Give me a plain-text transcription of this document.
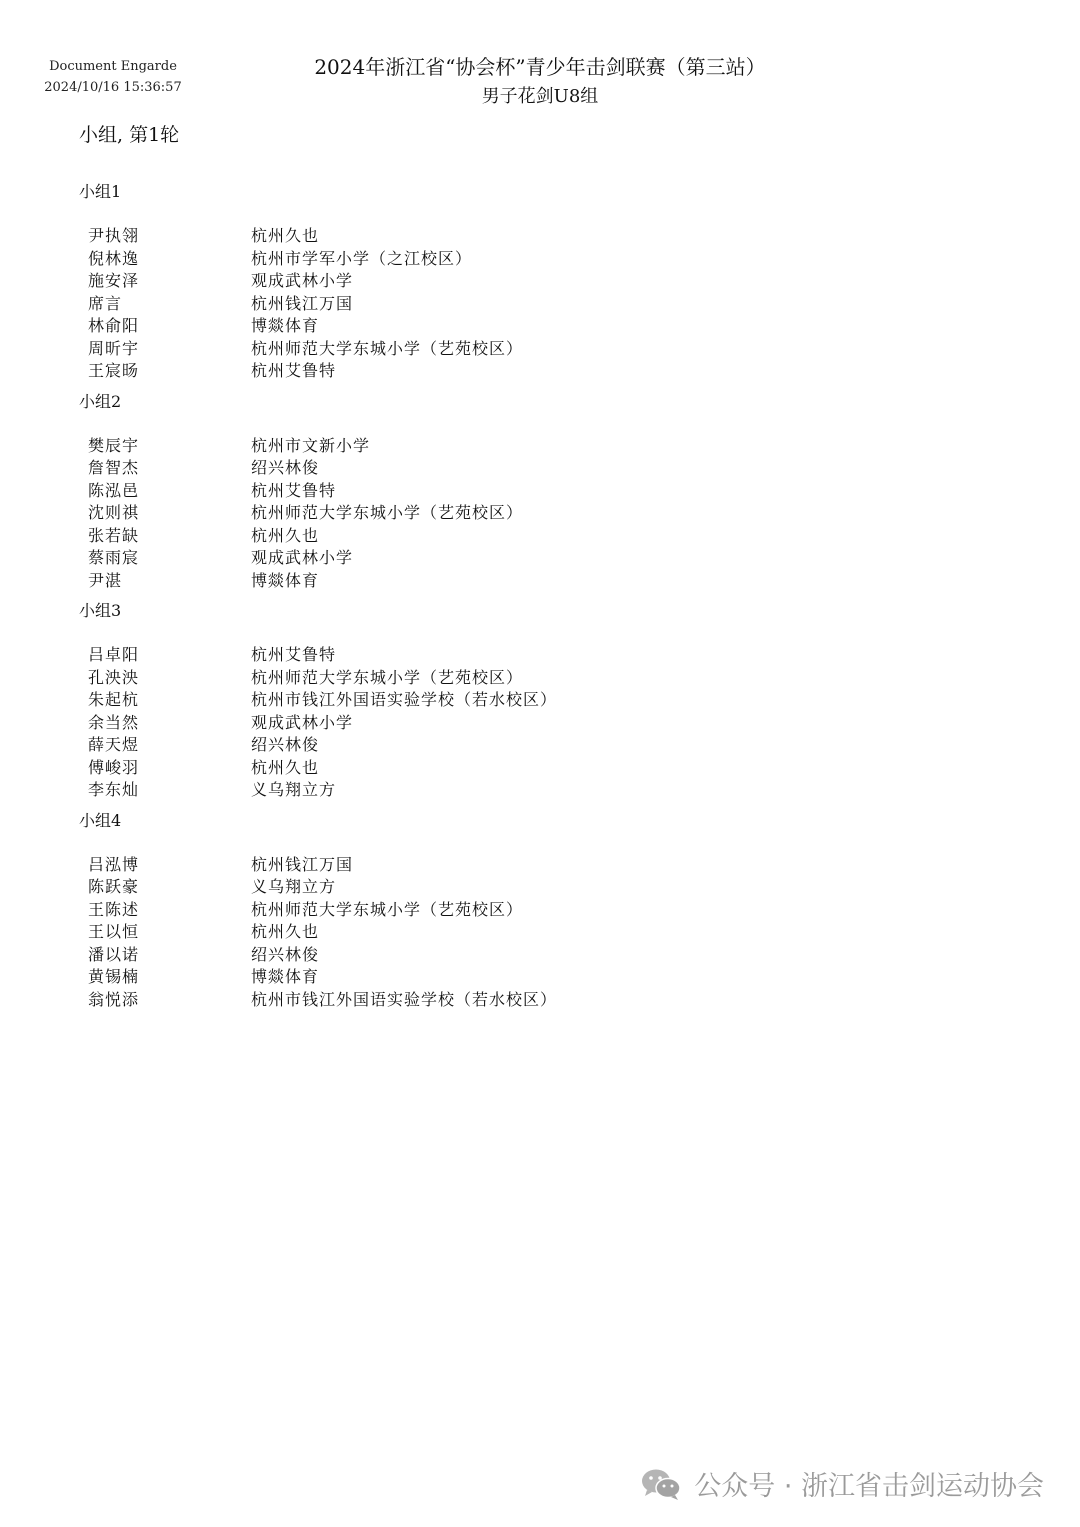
Document Engarde
2024/10/16 15:36:57
2024年浙江省“协会杯”青少年击剑联赛（第三站）
男子花剑U8组
小组, 第1轮
小组1
尹执翎	杭州久也
倪林逸	杭州市学军小学（之江校区）
施安泽	观成武林小学
席言	杭州钱江万国
林俞阳	博燚体育
周昕宇	杭州师范大学东城小学（艺苑校区）
王宸旸	杭州艾鲁特
小组2
樊辰宇	杭州市文新小学
詹智杰	绍兴林俊
陈泓邑	杭州艾鲁特
沈则祺	杭州师范大学东城小学（艺苑校区）
张若缺	杭州久也
蔡雨宸	观成武林小学
尹湛	博燚体育
小组3
吕卓阳	杭州艾鲁特
孔泱泱	杭州师范大学东城小学（艺苑校区）
朱起杭	杭州市钱江外国语实验学校（若水校区）
余当然	观成武林小学
薛天煜	绍兴林俊
傅峻羽	杭州久也
李东灿	义乌翔立方
小组4
吕泓博	杭州钱江万国
陈跃豪	义乌翔立方
王陈述	杭州师范大学东城小学（艺苑校区）
王以恒	杭州久也
潘以诺	绍兴林俊
黄锡楠	博燚体育
翁悦添	杭州市钱江外国语实验学校（若水校区）
公众号 · 浙江省击剑运动协会
